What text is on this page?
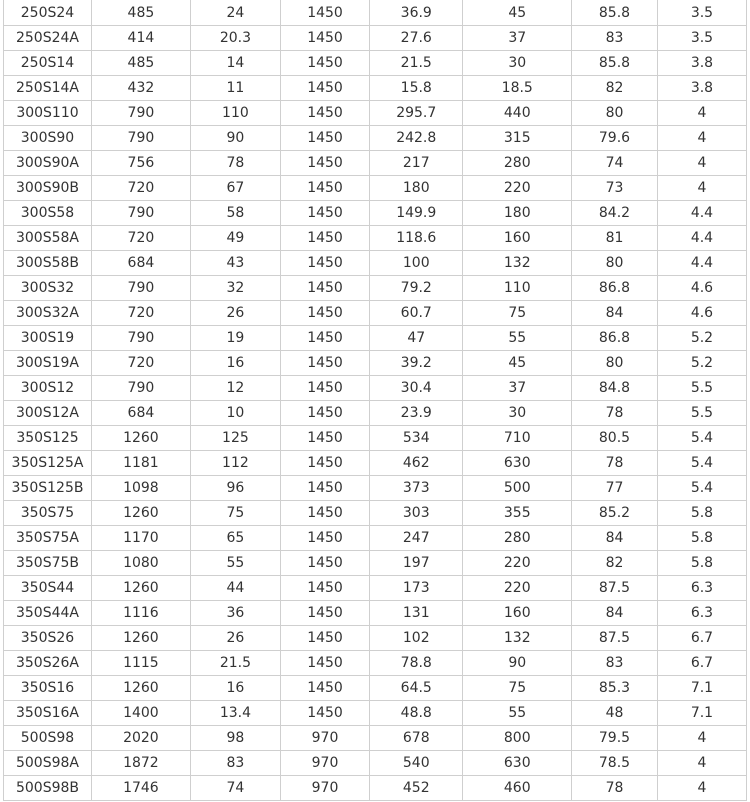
250S24	485	24	1450	36.9	45	85.8	3.5
250S24A	414	20.3	1450	27.6	37	83	3.5
250S14	485	14	1450	21.5	30	85.8	3.8
250S14A	432	11	1450	15.8	18.5	82	3.8
300S110	790	110	1450	295.7	440	80	4
300S90	790	90	1450	242.8	315	79.6	4
300S90A	756	78	1450	217	280	74	4
300S90B	720	67	1450	180	220	73	4
300S58	790	58	1450	149.9	180	84.2	4.4
300S58A	720	49	1450	118.6	160	81	4.4
300S58B	684	43	1450	100	132	80	4.4
300S32	790	32	1450	79.2	110	86.8	4.6
300S32A	720	26	1450	60.7	75	84	4.6
300S19	790	19	1450	47	55	86.8	5.2
300S19A	720	16	1450	39.2	45	80	5.2
300S12	790	12	1450	30.4	37	84.8	5.5
300S12A	684	10	1450	23.9	30	78	5.5
350S125	1260	125	1450	534	710	80.5	5.4
350S125A	1181	112	1450	462	630	78	5.4
350S125B	1098	96	1450	373	500	77	5.4
350S75	1260	75	1450	303	355	85.2	5.8
350S75A	1170	65	1450	247	280	84	5.8
350S75B	1080	55	1450	197	220	82	5.8
350S44	1260	44	1450	173	220	87.5	6.3
350S44A	1116	36	1450	131	160	84	6.3
350S26	1260	26	1450	102	132	87.5	6.7
350S26A	1115	21.5	1450	78.8	90	83	6.7
350S16	1260	16	1450	64.5	75	85.3	7.1
350S16A	1400	13.4	1450	48.8	55	48	7.1
500S98	2020	98	970	678	800	79.5	4
500S98A	1872	83	970	540	630	78.5	4
500S98B	1746	74	970	452	460	78	4
